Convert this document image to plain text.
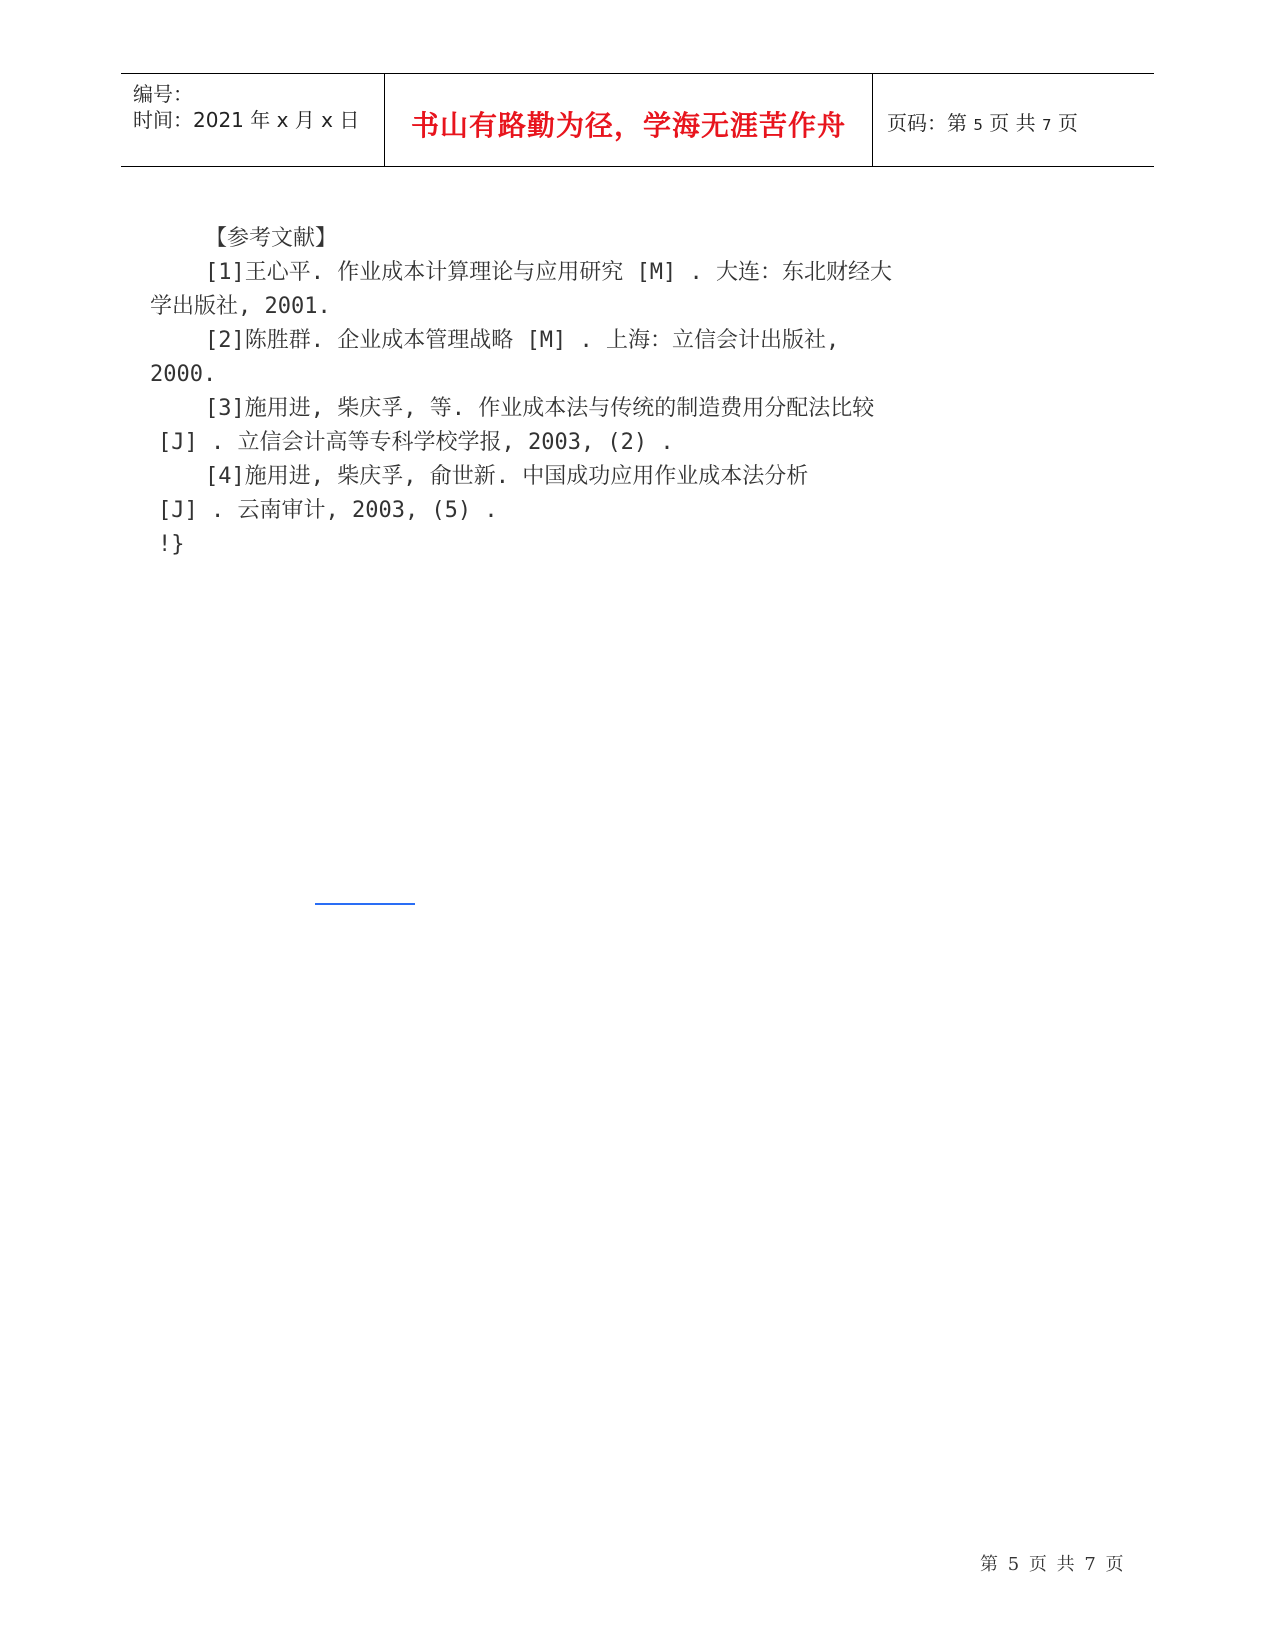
编号：
时间：2021 年 x 月 x 日	书山有路勤为径，学海无涯苦作舟	页码：第 5 页 共 7 页
【参考文献】
[1]王心平. 作业成本计算理论与应用研究 [M] . 大连：东北财经大
学出版社, 2001.
[2]陈胜群. 企业成本管理战略 [M] . 上海：立信会计出版社,
2000.
[3]施用进, 柴庆孚, 等. 作业成本法与传统的制造费用分配法比较
[J] . 立信会计高等专科学校学报, 2003, (2) .
[4]施用进, 柴庆孚, 俞世新. 中国成功应用作业成本法分析
[J] . 云南审计, 2003, (5) .
!}
第 5 页 共 7 页
